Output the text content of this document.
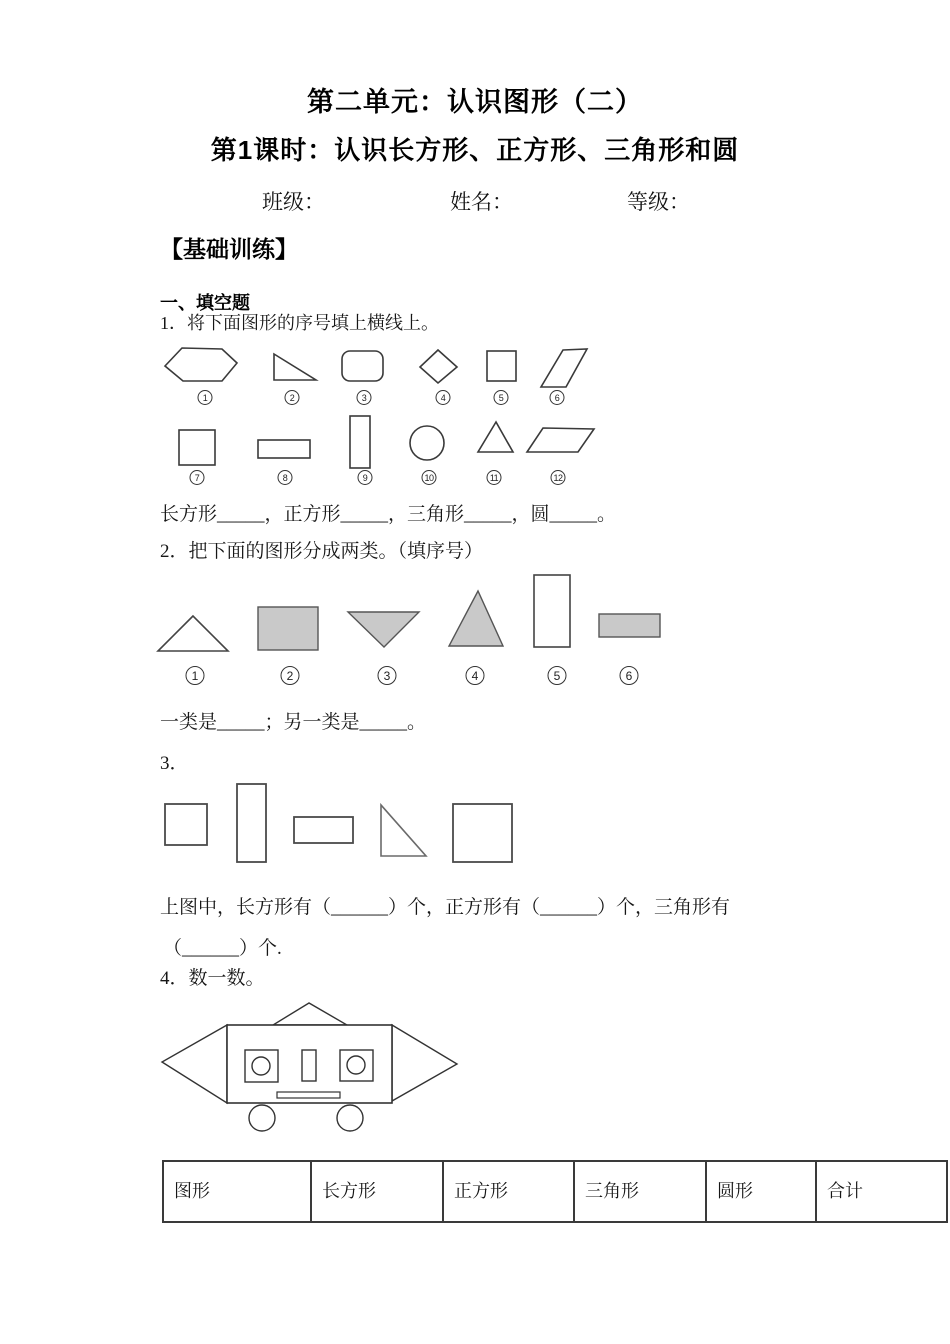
第二单元：认识图形（二）
第1课时：认识长方形、正方形、三角形和圆
班级：	姓名：	等级：
【基础训练】
一、填空题
1．将下面图形的序号填上横线上。
1	2	3	4	5	6
7	8	9	10	11	12
长方形_____，正方形_____，三角形_____，圆_____。
2．把下面的图形分成两类。（填序号）
1	2	3	4	5	6
一类是_____；另一类是_____。
3．
上图中，长方形有（______）个，正方形有（______）个，三角形有
（______）个.
4．数一数。
图形	长方形	正方形	三角形	圆形	合计
